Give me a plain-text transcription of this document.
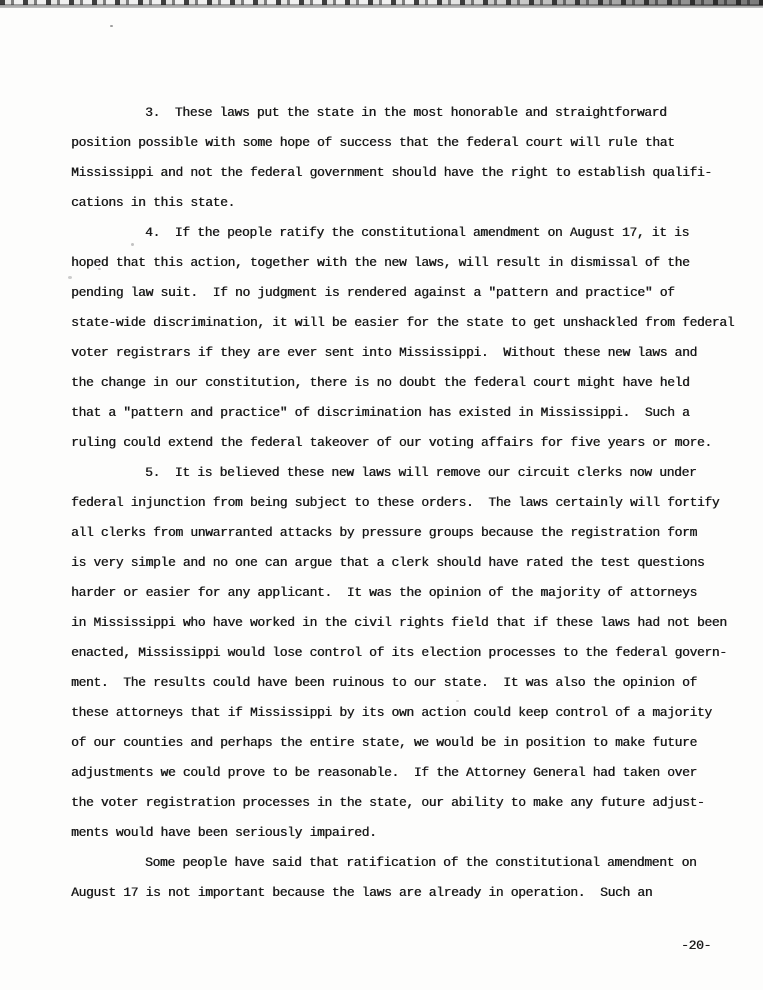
3.  These laws put the state in the most honorable and straightforward
position possible with some hope of success that the federal court will rule that
Mississippi and not the federal government should have the right to establish qualifi-
cations in this state.
4.  If the people ratify the constitutional amendment on August 17, it is
hoped that this action, together with the new laws, will result in dismissal of the
pending law suit.  If no judgment is rendered against a "pattern and practice" of
state-wide discrimination, it will be easier for the state to get unshackled from federal
voter registrars if they are ever sent into Mississippi.  Without these new laws and
the change in our constitution, there is no doubt the federal court might have held
that a "pattern and practice" of discrimination has existed in Mississippi.  Such a
ruling could extend the federal takeover of our voting affairs for five years or more.
5.  It is believed these new laws will remove our circuit clerks now under
federal injunction from being subject to these orders.  The laws certainly will fortify
all clerks from unwarranted attacks by pressure groups because the registration form
is very simple and no one can argue that a clerk should have rated the test questions
harder or easier for any applicant.  It was the opinion of the majority of attorneys
in Mississippi who have worked in the civil rights field that if these laws had not been
enacted, Mississippi would lose control of its election processes to the federal govern-
ment.  The results could have been ruinous to our state.  It was also the opinion of
these attorneys that if Mississippi by its own action could keep control of a majority
of our counties and perhaps the entire state, we would be in position to make future
adjustments we could prove to be reasonable.  If the Attorney General had taken over
the voter registration processes in the state, our ability to make any future adjust-
ments would have been seriously impaired.
Some people have said that ratification of the constitutional amendment on
August 17 is not important because the laws are already in operation.  Such an
-20-
